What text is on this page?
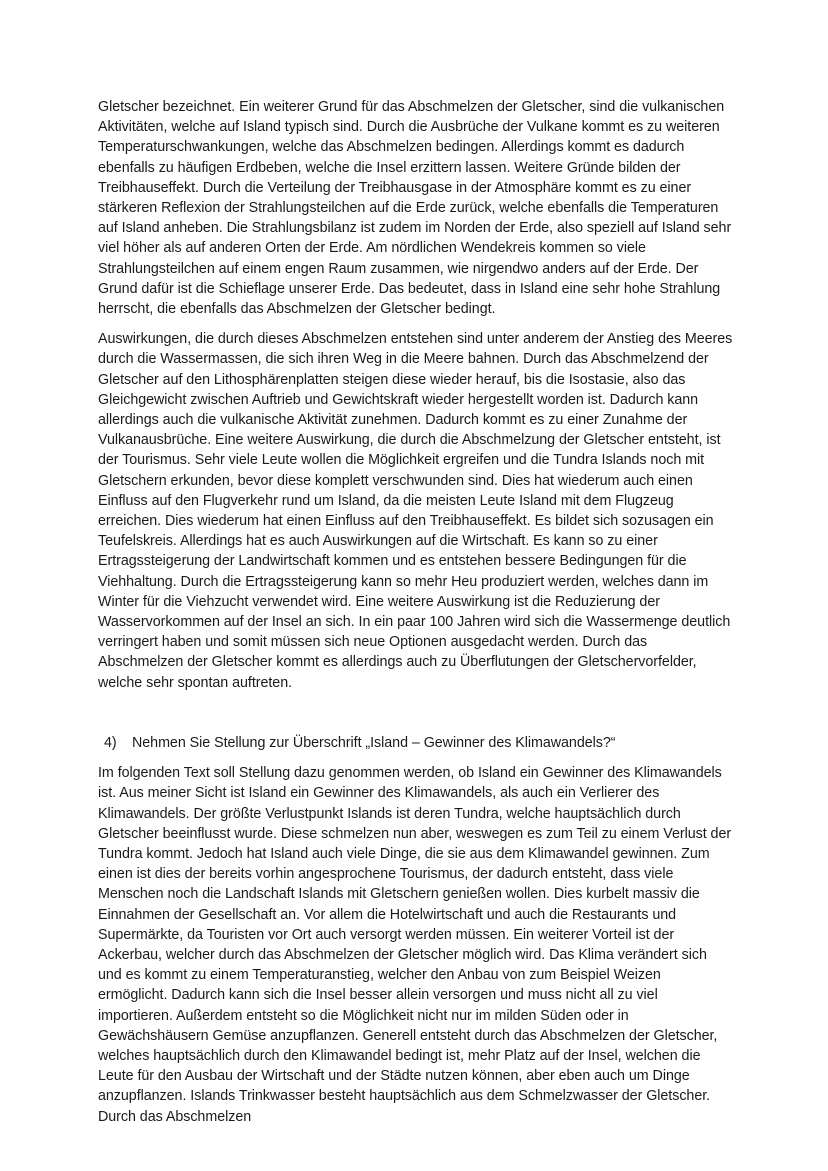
Gletscher bezeichnet. Ein weiterer Grund für das Abschmelzen der Gletscher, sind die vulkanischen Aktivitäten, welche auf Island typisch sind. Durch die Ausbrüche der Vulkane kommt es zu weiteren Temperaturschwankungen, welche das Abschmelzen bedingen. Allerdings kommt es dadurch ebenfalls zu häufigen Erdbeben, welche die Insel erzittern lassen. Weitere Gründe bilden der Treibhauseffekt. Durch die Verteilung der Treibhausgase in der Atmosphäre kommt es zu einer stärkeren Reflexion der Strahlungsteilchen auf die Erde zurück, welche ebenfalls die Temperaturen auf Island anheben. Die Strahlungsbilanz ist zudem im Norden der Erde, also speziell auf Island sehr viel höher als auf anderen Orten der Erde. Am nördlichen Wendekreis kommen so viele Strahlungsteilchen auf einem engen Raum zusammen, wie nirgendwo anders auf der Erde. Der Grund dafür ist die Schieflage unserer Erde. Das bedeutet, dass in Island eine sehr hohe Strahlung herrscht, die ebenfalls das Abschmelzen der Gletscher bedingt.

Auswirkungen, die durch dieses Abschmelzen entstehen sind unter anderem der Anstieg des Meeres durch die Wassermassen, die sich ihren Weg in die Meere bahnen. Durch das Abschmelzend der Gletscher auf den Lithosphärenplatten steigen diese wieder herauf, bis die Isostasie, also das Gleichgewicht zwischen Auftrieb und Gewichtskraft wieder hergestellt worden ist. Dadurch kann allerdings auch die vulkanische Aktivität zunehmen. Dadurch kommt es zu einer Zunahme der Vulkanausbrüche. Eine weitere Auswirkung, die durch die Abschmelzung der Gletscher entsteht, ist der Tourismus. Sehr viele Leute wollen die Möglichkeit ergreifen und die Tundra Islands noch mit Gletschern erkunden, bevor diese komplett verschwunden sind. Dies hat wiederum auch einen Einfluss auf den Flugverkehr rund um Island, da die meisten Leute Island mit dem Flugzeug erreichen. Dies wiederum hat einen Einfluss auf den Treibhauseffekt. Es bildet sich sozusagen ein Teufelskreis. Allerdings hat es auch Auswirkungen auf die Wirtschaft. Es kann so zu einer Ertragssteigerung der Landwirtschaft kommen und es entstehen bessere Bedingungen für die Viehhaltung. Durch die Ertragssteigerung kann so mehr Heu produziert werden, welches dann im Winter für die Viehzucht verwendet wird. Eine weitere Auswirkung ist die Reduzierung der Wasservorkommen auf der Insel an sich. In ein paar 100 Jahren wird sich die Wassermenge deutlich verringert haben und somit müssen sich neue Optionen ausgedacht werden. Durch das Abschmelzen der Gletscher kommt es allerdings auch zu Überflutungen der Gletschervorfelder, welche sehr spontan auftreten.

4)	Nehmen Sie Stellung zur Überschrift „Island – Gewinner des Klimawandels?“

Im folgenden Text soll Stellung dazu genommen werden, ob Island ein Gewinner des Klimawandels ist. Aus meiner Sicht ist Island ein Gewinner des Klimawandels, als auch ein Verlierer des Klimawandels. Der größte Verlustpunkt Islands ist deren Tundra, welche hauptsächlich durch Gletscher beeinflusst wurde. Diese schmelzen nun aber, weswegen es zum Teil zu einem Verlust der Tundra kommt. Jedoch hat Island auch viele Dinge, die sie aus dem Klimawandel gewinnen. Zum einen ist dies der bereits vorhin angesprochene Tourismus, der dadurch entsteht, dass viele Menschen noch die Landschaft Islands mit Gletschern genießen wollen. Dies kurbelt massiv die Einnahmen der Gesellschaft an. Vor allem die Hotelwirtschaft und auch die Restaurants und Supermärkte, da Touristen vor Ort auch versorgt werden müssen. Ein weiterer Vorteil ist der Ackerbau, welcher durch das Abschmelzen der Gletscher möglich wird. Das Klima verändert sich und es kommt zu einem Temperaturanstieg, welcher den Anbau von zum Beispiel Weizen ermöglicht. Dadurch kann sich die Insel besser allein versorgen und muss nicht all zu viel importieren. Außerdem entsteht so die Möglichkeit nicht nur im milden Süden oder in Gewächshäusern Gemüse anzupflanzen. Generell entsteht durch das Abschmelzen der Gletscher, welches hauptsächlich durch den Klimawandel bedingt ist, mehr Platz auf der Insel, welchen die Leute für den Ausbau der Wirtschaft und der Städte nutzen können, aber eben auch um Dinge anzupflanzen. Islands Trinkwasser besteht hauptsächlich aus dem Schmelzwasser der Gletscher. Durch das Abschmelzen
